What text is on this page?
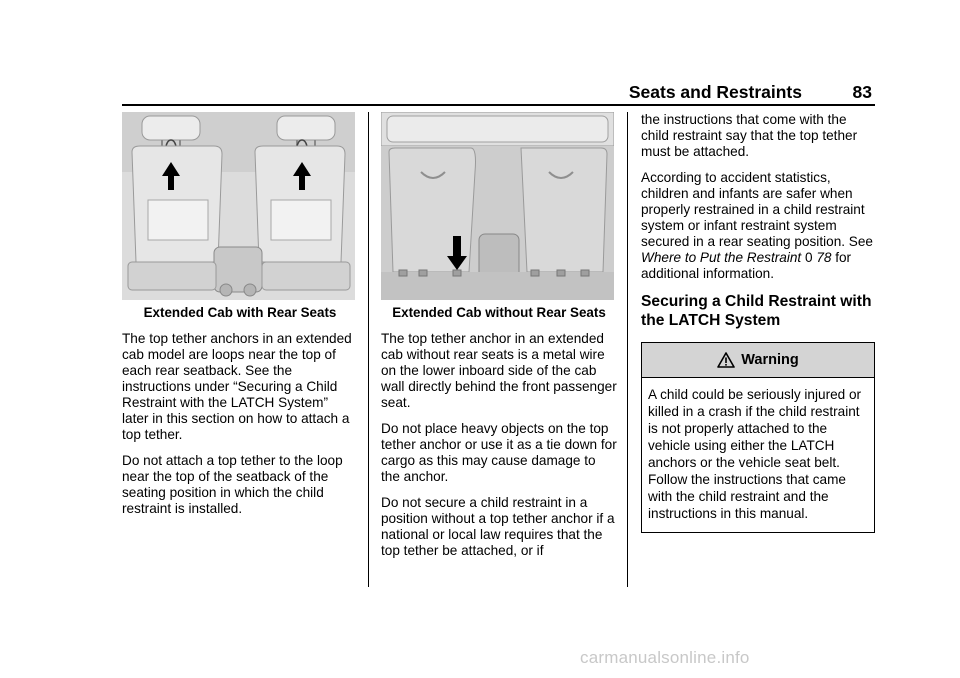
Seats and Restraints	83
Extended Cab with Rear Seats

The top tether anchors in an extended cab model are loops near the top of each rear seatback. See the instructions under “Securing a Child Restraint with the LATCH System” later in this section on how to attach a top tether.

Do not attach a top tether to the loop near the top of the seatback of the seating position in which the child restraint is installed.

Extended Cab without Rear Seats

The top tether anchor in an extended cab without rear seats is a metal wire on the lower inboard side of the cab wall directly behind the front passenger seat.

Do not place heavy objects on the top tether anchor or use it as a tie down for cargo as this may cause damage to the anchor.

Do not secure a child restraint in a position without a top tether anchor if a national or local law requires that the top tether be attached, or if

the instructions that come with the child restraint say that the top tether must be attached.

According to accident statistics, children and infants are safer when properly restrained in a child restraint system or infant restraint system secured in a rear seating position. See Where to Put the Restraint 0 78 for additional information.

Securing a Child Restraint with the LATCH System
Warning
A child could be seriously injured or killed in a crash if the child restraint is not properly attached to the vehicle using either the LATCH anchors or the vehicle seat belt. Follow the instructions that came with the child restraint and the instructions in this manual.
carmanualsonline.info
